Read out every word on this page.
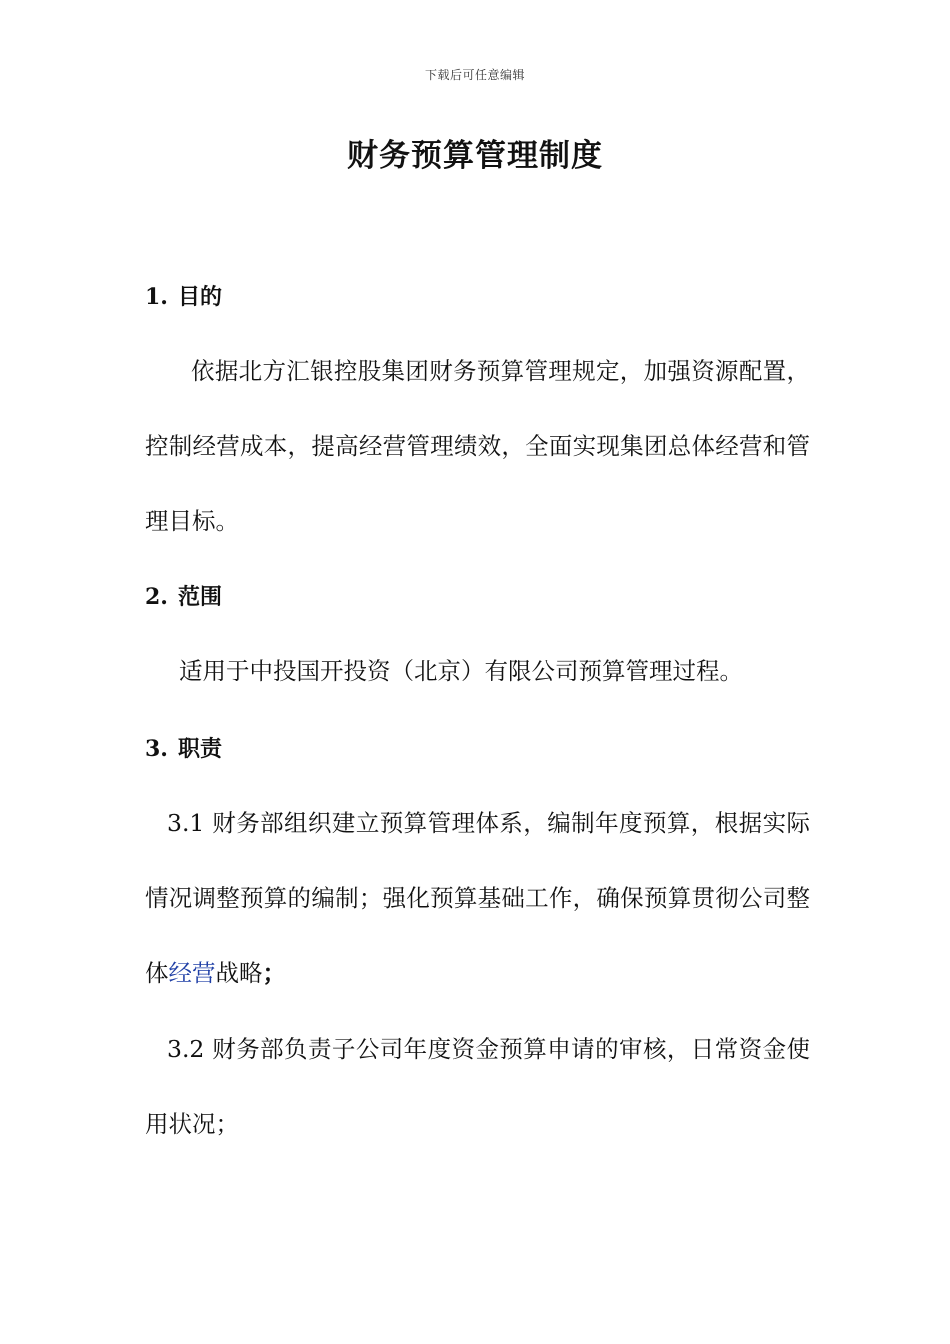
下载后可任意编辑
财务预算管理制度
1. 目的

依据北方汇银控股集团财务预算管理规定，加强资源配置，控制经营成本，提高经营管理绩效，全面实现集团总体经营和管理目标。

2. 范围

适用于中投国开投资（北京）有限公司预算管理过程。

3. 职责

3.1 财务部组织建立预算管理体系，编制年度预算，根据实际情况调整预算的编制；强化预算基础工作，确保预算贯彻公司整体经营战略；

3.2 财务部负责子公司年度资金预算申请的审核，日常资金使用状况；
